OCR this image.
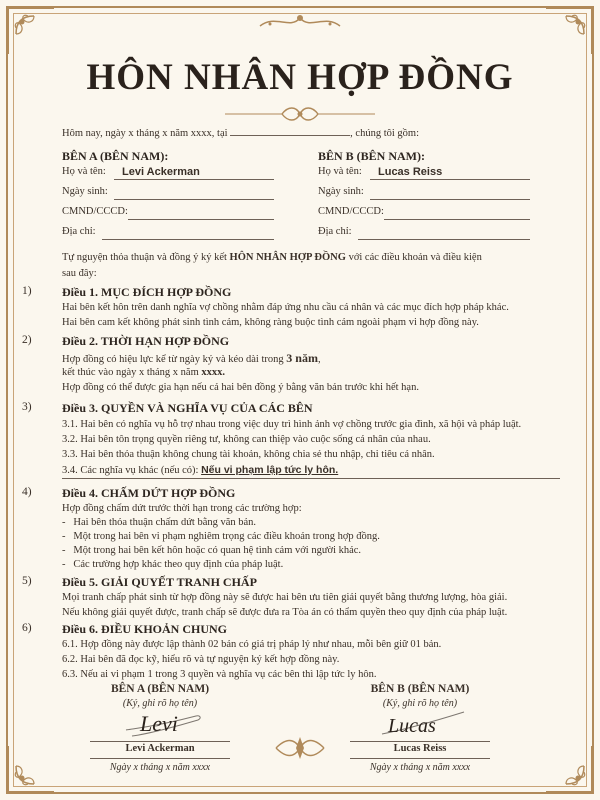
HÔN NHÂN HỢP ĐỒNG
Hôm nay, ngày x tháng x năm xxxx, tại	, chúng tôi gồm:
BÊN A (BÊN NAM):
Họ và tên: Levi Ackerman
Ngày sinh:
CMND/CCCD:
Địa chỉ:
BÊN B (BÊN NAM):
Họ và tên: Lucas Reiss
Ngày sinh:
CMND/CCCD:
Địa chỉ:
Tự nguyện thỏa thuận và đồng ý ký kết HÔN NHÂN HỢP ĐỒNG với các điều khoản và điều kiện
sau đây:
1)	Điều 1. MỤC ĐÍCH HỢP ĐỒNG
Hai bên kết hôn trên danh nghĩa vợ chồng nhằm đáp ứng nhu cầu cá nhân và các mục đích hợp pháp khác.
Hai bên cam kết không phát sinh tình cảm, không ràng buộc tình cảm ngoài phạm vi hợp đồng này.
2)	Điều 2. THỜI HẠN HỢP ĐỒNG
Hợp đồng có hiệu lực kể từ ngày ký và kéo dài trong 3 năm,
kết thúc vào ngày x tháng x năm xxxx.
Hợp đồng có thể được gia hạn nếu cả hai bên đồng ý bằng văn bản trước khi hết hạn.
3)	Điều 3. QUYỀN VÀ NGHĨA VỤ CỦA CÁC BÊN
3.1. Hai bên có nghĩa vụ hỗ trợ nhau trong việc duy trì hình ảnh vợ chồng trước gia đình, xã hội và pháp luật.
3.2. Hai bên tôn trọng quyền riêng tư, không can thiệp vào cuộc sống cá nhân của nhau.
3.3. Hai bên thỏa thuận không chung tài khoản, không chia sẻ thu nhập, chi tiêu cá nhân.
3.4. Các nghĩa vụ khác (nếu có): Nếu vi phạm lập tức ly hôn.
4)	Điều 4. CHẤM DỨT HỢP ĐỒNG
Hợp đồng chấm dứt trước thời hạn trong các trường hợp:
-   Hai bên thỏa thuận chấm dứt bằng văn bản.
-   Một trong hai bên vi phạm nghiêm trọng các điều khoản trong hợp đồng.
-   Một trong hai bên kết hôn hoặc có quan hệ tình cảm với người khác.
-   Các trường hợp khác theo quy định của pháp luật.
5)	Điều 5. GIẢI QUYẾT TRANH CHẤP
Mọi tranh chấp phát sinh từ hợp đồng này sẽ được hai bên ưu tiên giải quyết bằng thương lượng, hòa giải.
Nếu không giải quyết được, tranh chấp sẽ được đưa ra Tòa án có thẩm quyền theo quy định của pháp luật.
6)	Điều 6. ĐIỀU KHOẢN CHUNG
6.1. Hợp đồng này được lập thành 02 bản có giá trị pháp lý như nhau, mỗi bên giữ 01 bản.
6.2. Hai bên đã đọc kỹ, hiểu rõ và tự nguyện ký kết hợp đồng này.
6.3. Nếu ai vi phạm 1 trong 3 quyền và nghĩa vụ các bên thì lập tức ly hôn.
BÊN A (BÊN NAM)
(Ký, ghi rõ họ tên)
Levi
Levi Ackerman
Ngày x tháng x năm xxxx
BÊN B (BÊN NAM)
(Ký, ghi rõ họ tên)
Lucas
Lucas Reiss
Ngày x tháng x năm xxxx
